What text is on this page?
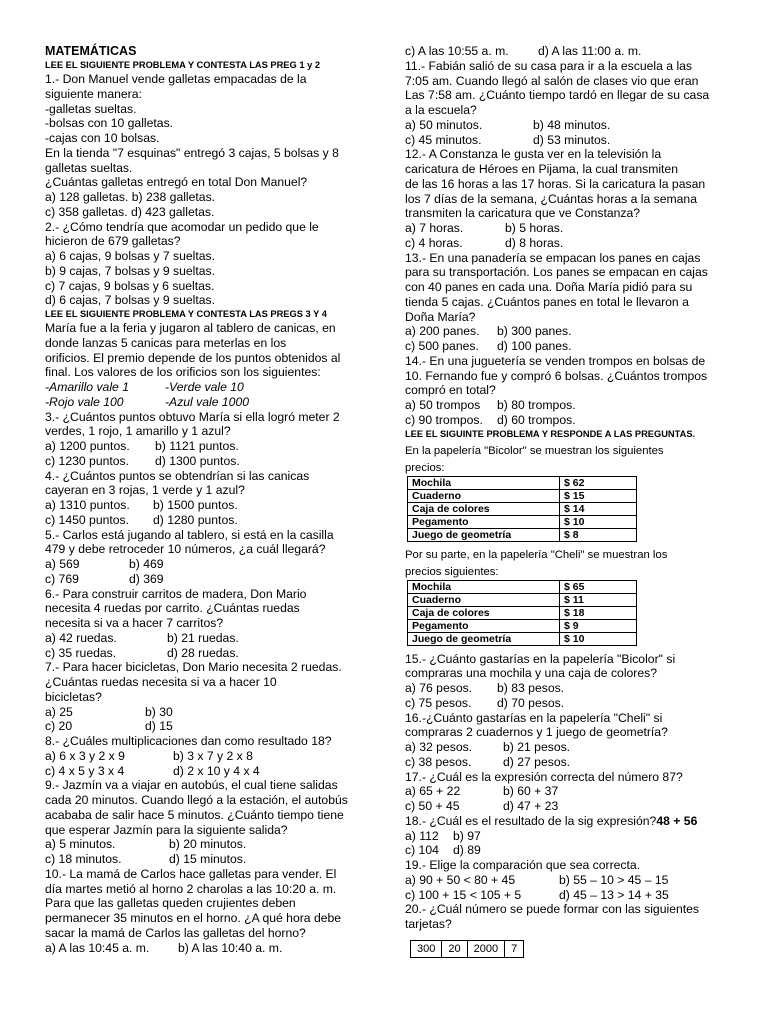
MATEMÁTICAS
LEE EL SIGUIENTE PROBLEMA Y CONTESTA LAS PREG 1 y 2
1.- Don Manuel vende galletas empacadas de la
siguiente manera:
-galletas sueltas.
-bolsas con 10 galletas.
-cajas con 10 bolsas.
En la tienda "7 esquinas" entregó 3 cajas, 5 bolsas y 8
galletas sueltas.
¿Cuántas galletas entregó en total Don Manuel?
a) 128 galletas. b) 238 galletas.
c) 358 galletas. d) 423 galletas.
2.- ¿Cómo tendría que acomodar un pedido que le
hicieron de 679 galletas?
a) 6 cajas, 9 bolsas y 7 sueltas.
b) 9 cajas, 7 bolsas y 9 sueltas.
c) 7 cajas, 9 bolsas y 6 sueltas.
d) 6 cajas, 7 bolsas y 9 sueltas.
LEE EL SIGUIENTE PROBLEMA Y CONTESTA LAS PREGS 3 Y 4
María fue a la feria y jugaron al tablero de canicas, en
donde lanzas 5 canicas para meterlas en los
orificios. El premio depende de los puntos obtenidos al
final. Los valores de los orificios son los siguientes:
-Amarillo vale 1	-Verde vale 10
-Rojo vale 100	-Azul vale 1000
3.- ¿Cuántos puntos obtuvo María si ella logró meter 2
verdes, 1 rojo, 1 amarillo y 1 azul?
a) 1200 puntos.	b) 1121 puntos.
c) 1230 puntos.	d) 1300 puntos.
4.- ¿Cuántos puntos se obtendrían si las canicas
cayeran en 3 rojas, 1 verde y 1 azul?
a) 1310 puntos.	b) 1500 puntos.
c) 1450 puntos.	d) 1280 puntos.
5.- Carlos está jugando al tablero, si está en la casilla
479 y debe retroceder 10 números, ¿a cuál llegará?
a) 569	b) 469
c) 769	d) 369
6.- Para construir carritos de madera, Don Mario
necesita 4 ruedas por carrito. ¿Cuántas ruedas
necesita si va a hacer 7 carritos?
a) 42 ruedas.	b) 21 ruedas.
c) 35 ruedas.	d) 28 ruedas.
7.- Para hacer bicicletas, Don Mario necesita 2 ruedas.
¿Cuántas ruedas necesita si va a hacer 10
bicicletas?
a) 25	b) 30
c) 20	d) 15
8.- ¿Cuáles multiplicaciones dan como resultado 18?
a) 6 x 3 y 2 x 9	b) 3 x 7 y 2 x 8
c) 4 x 5 y 3 x 4	d) 2 x 10 y 4 x 4
9.- Jazmín va a viajar en autobús, el cual tiene salidas
cada 20 minutos. Cuando llegó a la estación, el autobús
acababa de salir hace 5 minutos. ¿Cuánto tiempo tiene
que esperar Jazmín para la siguiente salida?
a) 5 minutos.	b) 20 minutos.
c) 18 minutos.	d) 15 minutos.
10.- La mamá de Carlos hace galletas para vender. El
día martes metió al horno 2 charolas a las 10:20 a. m.
Para que las galletas queden crujientes deben
permanecer 35 minutos en el horno. ¿A qué hora debe
sacar la mamá de Carlos las galletas del horno?
a) A las 10:45 a. m.	b) A las 10:40 a. m.
c) A las 10:55 a. m.	d) A las 11:00 a. m.
11.- Fabián salió de su casa para ir a la escuela a las
7:05 am. Cuando llegó al salón de clases vio que eran
Las 7:58 am. ¿Cuánto tiempo tardó en llegar de su casa
a la escuela?
a) 50 minutos.	b) 48 minutos.
c) 45 minutos.	d) 53 minutos.
12.- A Constanza le gusta ver en la televisión la
caricatura de Héroes en Pijama, la cual transmiten
de las 16 horas a las 17 horas. Si la caricatura la pasan
los 7 días de la semana, ¿Cuántas horas a la semana
transmiten la caricatura que ve Constanza?
a) 7 horas.	b) 5 horas.
c) 4 horas.	d) 8 horas.
13.- En una panadería se empacan los panes en cajas
para su transportación. Los panes se empacan en cajas
con 40 panes en cada una. Doña María pidió para su
tienda 5 cajas. ¿Cuántos panes en total le llevaron a
Doña María?
a) 200 panes.	b) 300 panes.
c) 500 panes.	d) 100 panes.
14.- En una juguetería se venden trompos en bolsas de
10. Fernando fue y compró 6 bolsas. ¿Cuántos trompos
compró en total?
a) 50 trompos	b) 80 trompos.
c) 90 trompos.	d) 60 trompos.
LEE EL SIGUINTE PROBLEMA Y RESPONDE A LAS PREGUNTAS.
En la papelería "Bicolor" se muestran los siguientes
precios:
Mochila	$ 62
Cuaderno	$ 15
Caja de colores	$ 14
Pegamento	$ 10
Juego de geometría	$ 8
Por su parte, en la papelería "Cheli" se muestran los
precios siguientes:
Mochila	$ 65
Cuaderno	$ 11
Caja de colores	$ 18
Pegamento	$ 9
Juego de geometría	$ 10
15.- ¿Cuánto gastarías en la papelería "Bicolor" si
compraras una mochila y una caja de colores?
a) 76 pesos.	b) 83 pesos.
c) 75 pesos.	d) 70 pesos.
16.-¿Cuánto gastarías en la papelería "Cheli" si
compraras 2 cuadernos y 1 juego de geometría?
a) 32 pesos.	b) 21 pesos.
c) 38 pesos.	d) 27 pesos.
17.- ¿Cuál es la expresión correcta del número 87?
a) 65 + 22	b) 60 + 37
c) 50 + 45	d) 47 + 23
18.- ¿Cuál es el resultado de la sig expresión?48 + 56
a) 112	b) 97
c) 104	d) 89
19.- Elige la comparación que sea correcta.
a) 90 + 50 < 80 + 45	b) 55 – 10 > 45 – 15
c) 100 + 15 < 105 + 5	d) 45 – 13 > 14 + 35
20.- ¿Cuál número se puede formar con las siguientes
tarjetas?
300	20	2000	7
